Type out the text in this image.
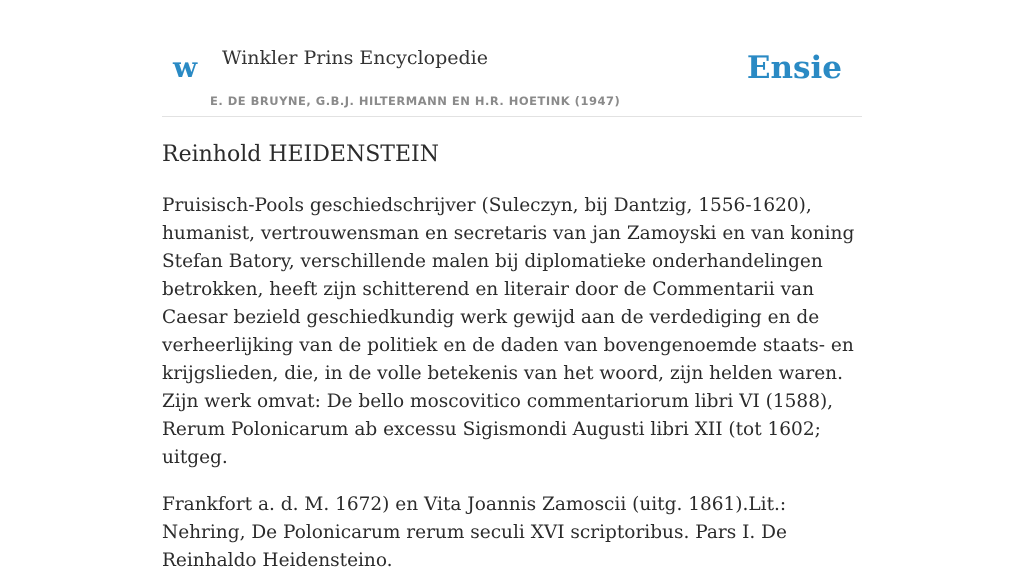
w Winkler Prins Encyclopedie
E. DE BRUYNE, G.B.J. HILTERMANN EN H.R. HOETINK (1947)
Ensie
Reinhold HEIDENSTEIN

Pruisisch-Pools geschiedschrijver (Suleczyn, bij Dantzig, 1556-1620), humanist, vertrouwensman en secretaris van jan Zamoyski en van koning Stefan Batory, verschillende malen bij diplomatieke onderhandelingen betrokken, heeft zijn schitterend en literair door de Commentarii van Caesar bezield geschiedkundig werk gewijd aan de verdediging en de verheerlijking van de politiek en de daden van bovengenoemde staats- en krijgslieden, die, in de volle betekenis van het woord, zijn helden waren. Zijn werk omvat: De bello moscovitico commentariorum libri VI (1588), Rerum Polonicarum ab excessu Sigismondi Augusti libri XII (tot 1602; uitgeg.

Frankfort a. d. M. 1672) en Vita Joannis Zamoscii (uitg. 1861).Lit.: Nehring, De Polonicarum rerum seculi XVI scriptoribus. Pars I. De Reinhaldo Heidensteino.
